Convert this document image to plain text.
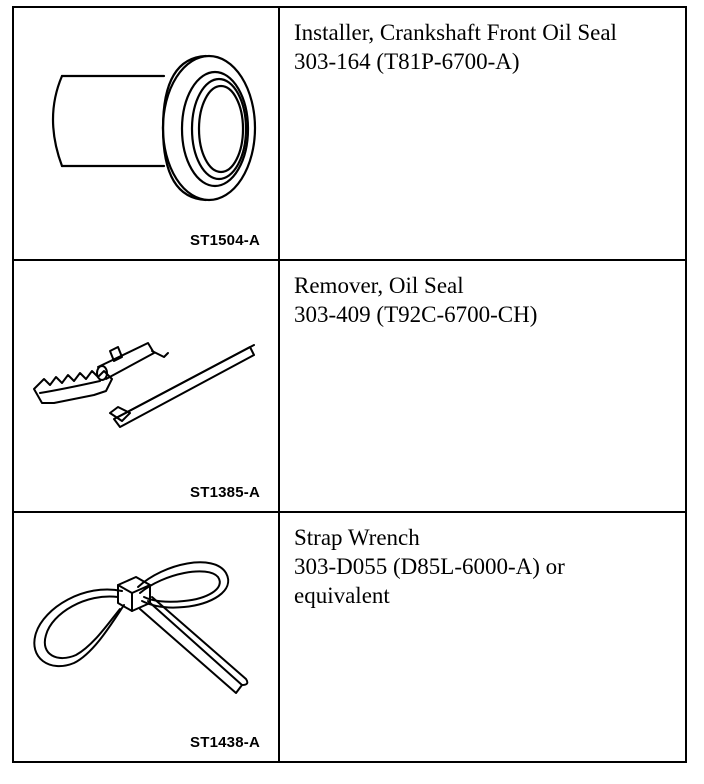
ST1504-A
Installer, Crankshaft Front Oil Seal
303-164 (T81P-6700-A)
ST1385-A
Remover, Oil Seal
303-409 (T92C-6700-CH)
ST1438-A
Strap Wrench
303-D055 (D85L-6000-A) or
equivalent
